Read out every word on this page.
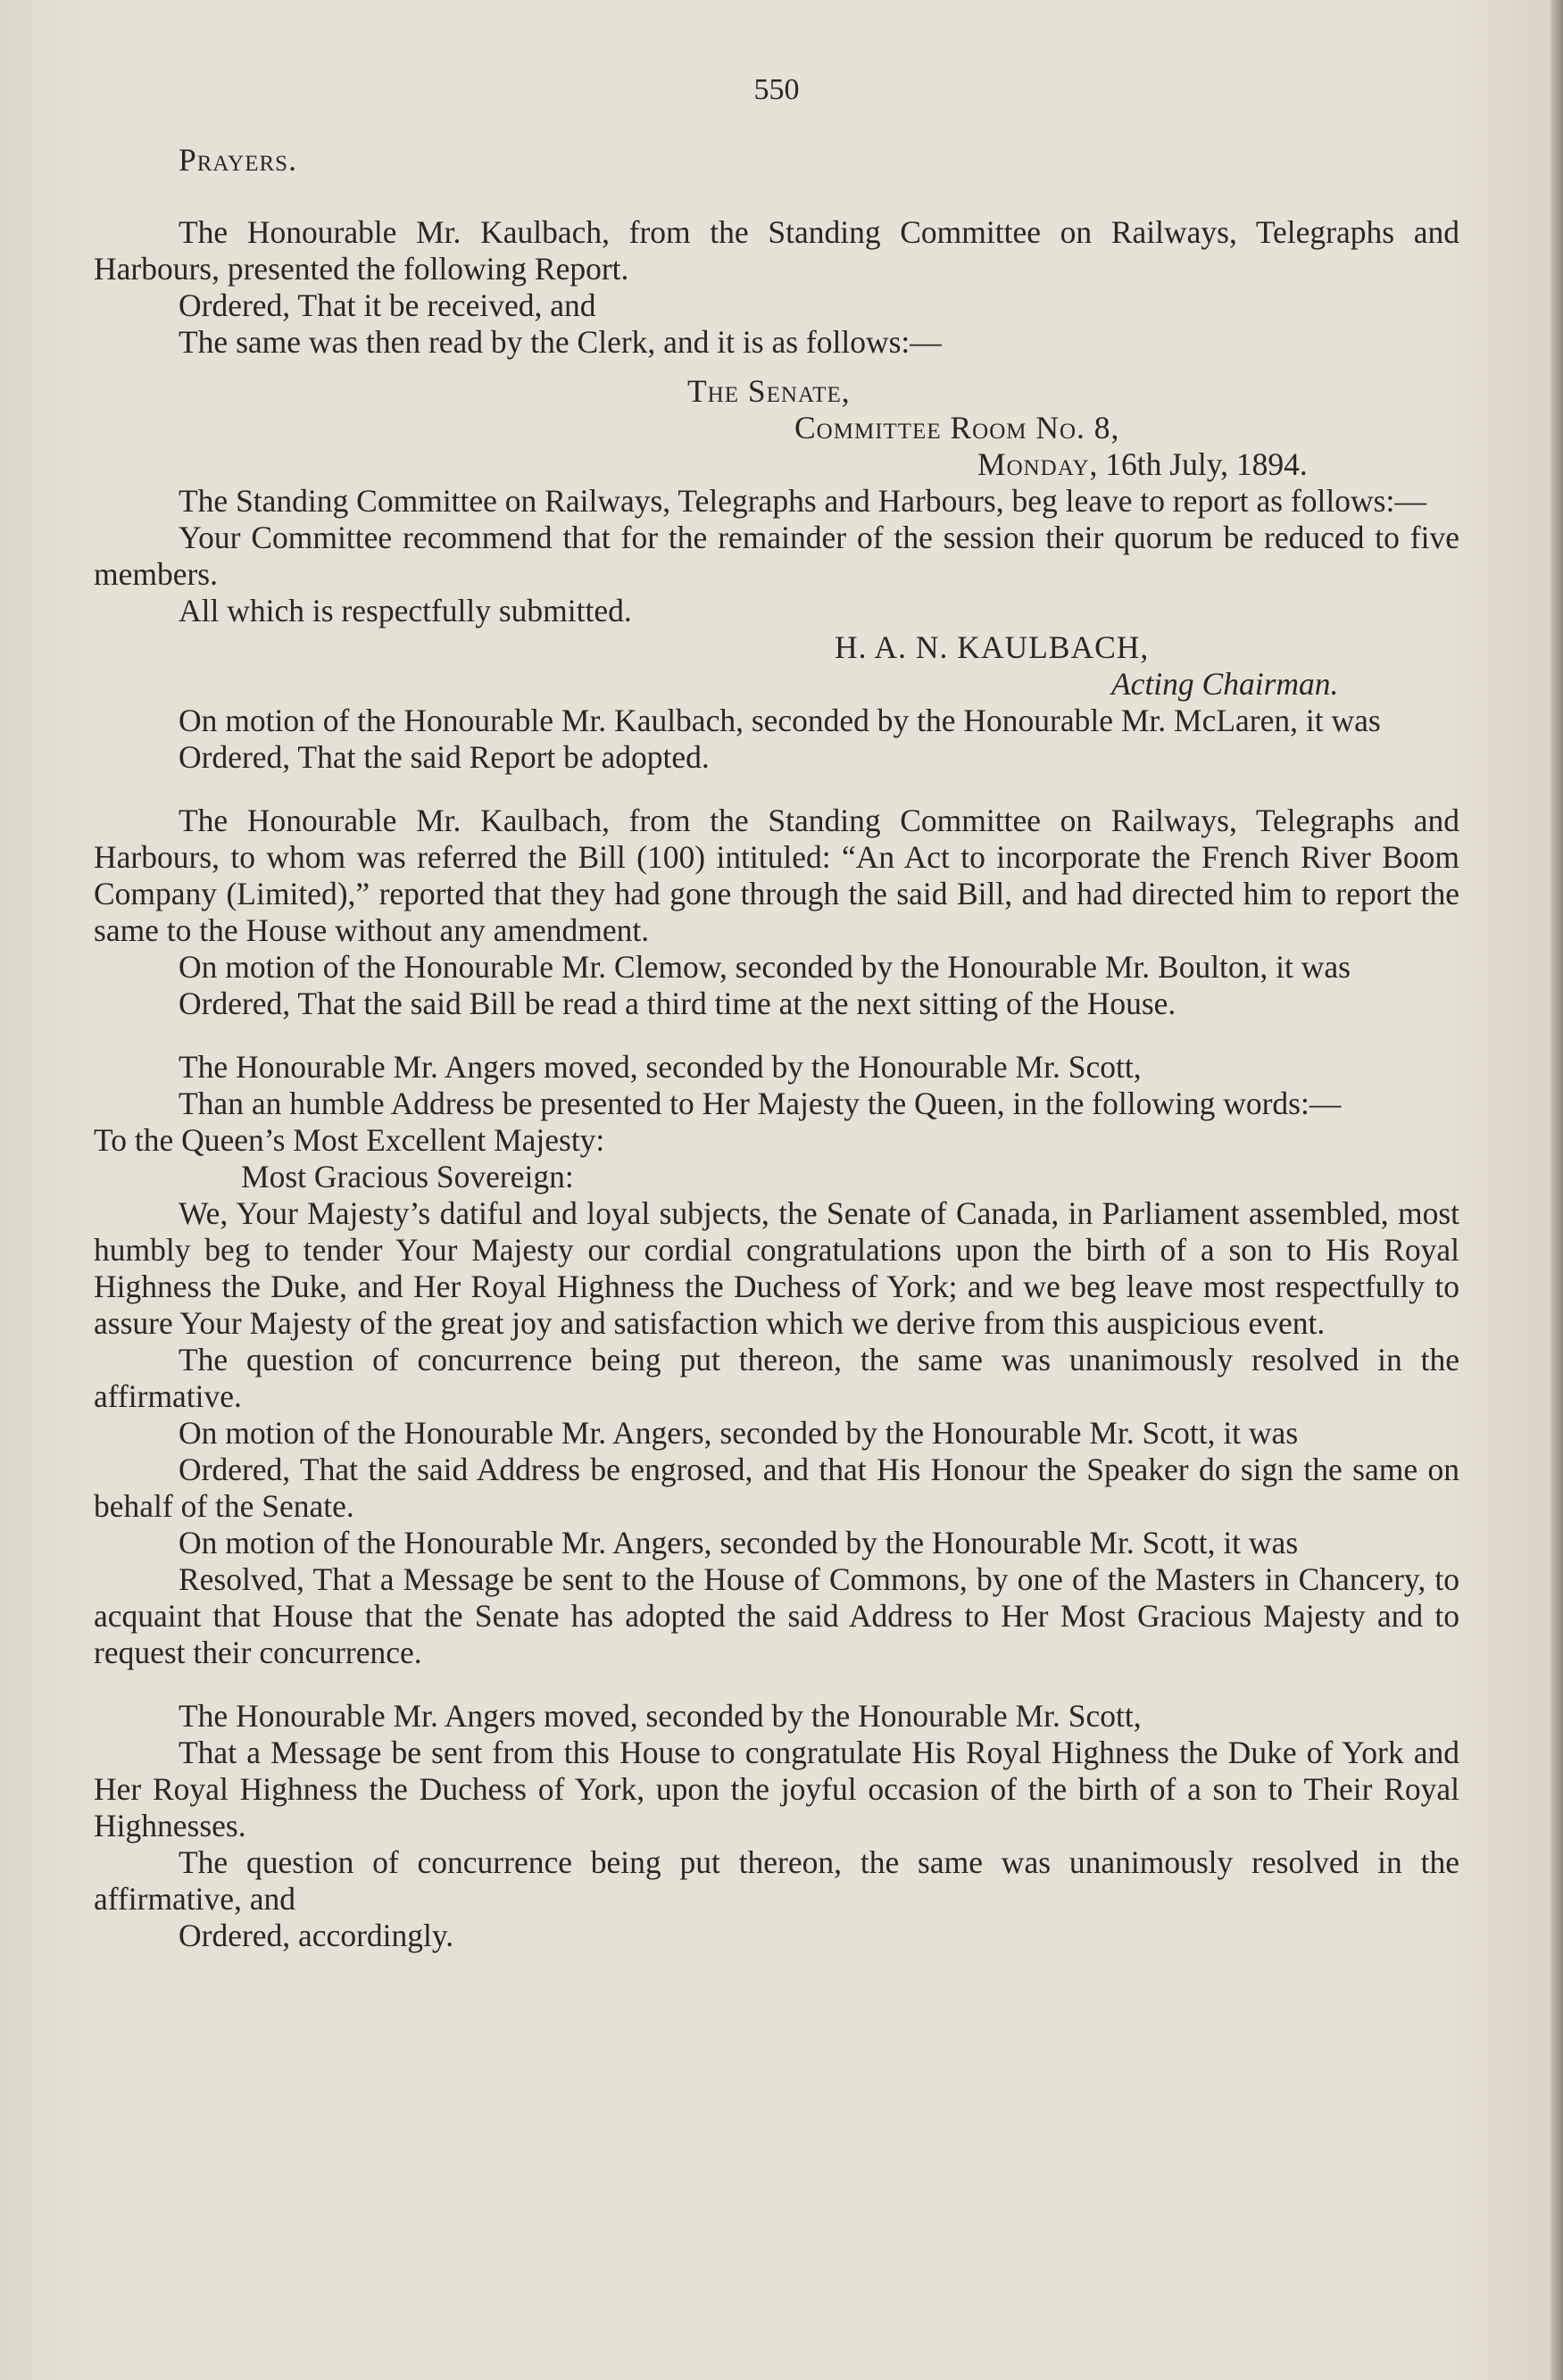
550
Prayers.

The Honourable Mr. Kaulbach, from the Standing Committee on Railways, Telegraphs and Harbours, presented the following Report.

Ordered, That it be received, and

The same was then read by the Clerk, and it is as follows:—

The Senate,
Committee Room No. 8,
Monday, 16th July, 1894.

The Standing Committee on Railways, Telegraphs and Harbours, beg leave to report as follows:—

Your Committee recommend that for the remainder of the session their quorum be reduced to five members.

All which is respectfully submitted.

H. A. N. KAULBACH,
Acting Chairman.

On motion of the Honourable Mr. Kaulbach, seconded by the Honourable Mr. McLaren, it was

Ordered, That the said Report be adopted.

The Honourable Mr. Kaulbach, from the Standing Committee on Railways, Telegraphs and Harbours, to whom was referred the Bill (100) intituled: “An Act to incorporate the French River Boom Company (Limited),” reported that they had gone through the said Bill, and had directed him to report the same to the House without any amendment.

On motion of the Honourable Mr. Clemow, seconded by the Honourable Mr. Boulton, it was

Ordered, That the said Bill be read a third time at the next sitting of the House.

The Honourable Mr. Angers moved, seconded by the Honourable Mr. Scott,

Than an humble Address be presented to Her Majesty the Queen, in the following words:—

To the Queen’s Most Excellent Majesty:

Most Gracious Sovereign:

We, Your Majesty’s datiful and loyal subjects, the Senate of Canada, in Parliament assembled, most humbly beg to tender Your Majesty our cordial congratulations upon the birth of a son to His Royal Highness the Duke, and Her Royal Highness the Duchess of York; and we beg leave most respectfully to assure Your Majesty of the great joy and satisfaction which we derive from this auspicious event.

The question of concurrence being put thereon, the same was unanimously resolved in the affirmative.

On motion of the Honourable Mr. Angers, seconded by the Honourable Mr. Scott, it was

Ordered, That the said Address be engrosed, and that His Honour the Speaker do sign the same on behalf of the Senate.

On motion of the Honourable Mr. Angers, seconded by the Honourable Mr. Scott, it was

Resolved, That a Message be sent to the House of Commons, by one of the Masters in Chancery, to acquaint that House that the Senate has adopted the said Address to Her Most Gracious Majesty and to request their concurrence.

The Honourable Mr. Angers moved, seconded by the Honourable Mr. Scott,

That a Message be sent from this House to congratulate His Royal Highness the Duke of York and Her Royal Highness the Duchess of York, upon the joyful occasion of the birth of a son to Their Royal Highnesses.

The question of concurrence being put thereon, the same was unanimously resolved in the affirmative, and

Ordered, accordingly.
